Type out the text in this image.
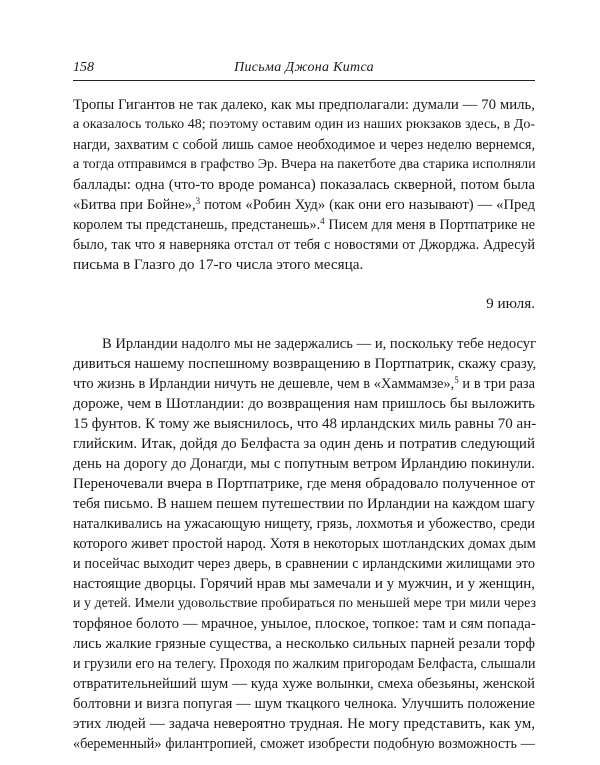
158	Письма Джона Китса
Тропы Гигантов не так далеко, как мы предполагали: думали — 70 миль,
а оказалось только 48; поэтому оставим один из наших рюкзаков здесь, в До-
нагди, захватим с собой лишь самое необходимое и через неделю вернемся,
а тогда отправимся в графство Эр. Вчера на пакетботе два старика исполняли
баллады: одна (что-то вроде романса) показалась скверной, потом была
«Битва при Бойне»,$^3$ потом «Робин Худ» (как они его называют) — «Пред
королем ты предстанешь, предстанешь».$^4$ Писем для меня в Портпатрике не
было, так что я наверняка отстал от тебя с новостями от Джорджа. Адресуй
письма в Глазго до 17-го числа этого месяца.
9 июля.
В Ирландии надолго мы не задержались — и, поскольку тебе недосуг
дивиться нашему поспешному возвращению в Портпатрик, скажу сразу,
что жизнь в Ирландии ничуть не дешевле, чем в «Хаммамзе»,$^5$ и в три раза
дороже, чем в Шотландии: до возвращения нам пришлось бы выложить
15 фунтов. К тому же выяснилось, что 48 ирландских миль равны 70 ан-
глийским. Итак, дойдя до Белфаста за один день и потратив следующий
день на дорогу до Донагди, мы с попутным ветром Ирландию покинули.
Переночевали вчера в Портпатрике, где меня обрадовало полученное от
тебя письмо. В нашем пешем путешествии по Ирландии на каждом шагу
наталкивались на ужасающую нищету, грязь, лохмотья и убожество, среди
которого живет простой народ. Хотя в некоторых шотландских домах дым
и посейчас выходит через дверь, в сравнении с ирландскими жилищами это
настоящие дворцы. Горячий нрав мы замечали и у мужчин, и у женщин,
и у детей. Имели удовольствие пробираться по меньшей мере три мили через
торфяное болото — мрачное, унылое, плоское, топкое: там и сям попада-
лись жалкие грязные существа, а несколько сильных парней резали торф
и грузили его на телегу. Проходя по жалким пригородам Белфаста, слышали
отвратительнейший шум — куда хуже волынки, смеха обезьяны, женской
болтовни и визга попугая — шум ткацкого челнока. Улучшить положение
этих людей — задача невероятно трудная. Не могу представить, как ум,
«беременный» филантропией, сможет изобрести подобную возможность —
